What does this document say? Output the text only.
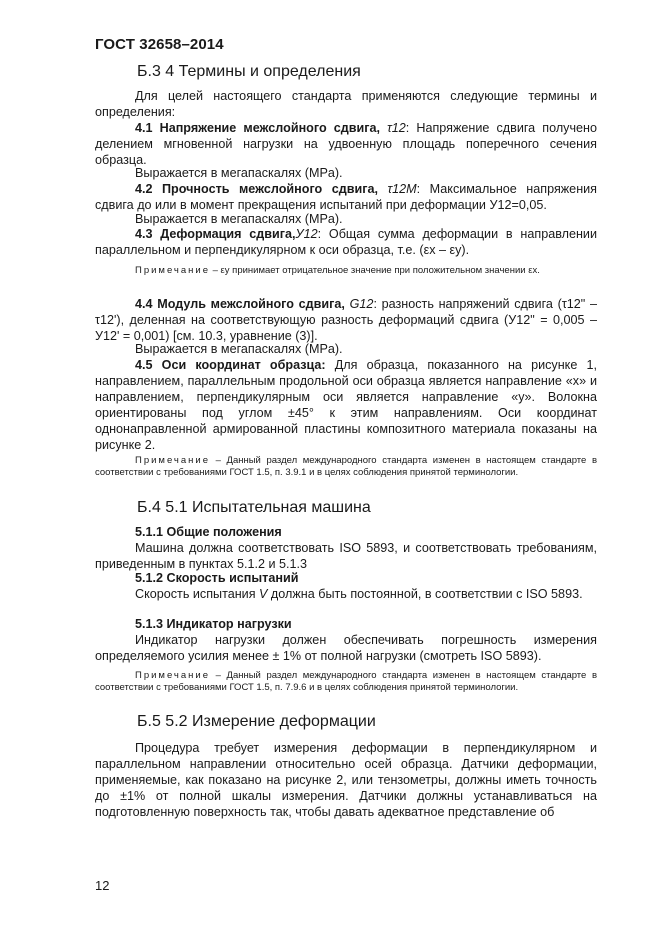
ГОСТ 32658–2014
Б.3 4 Термины и определения
Для целей настоящего стандарта применяются следующие термины и определения:
4.1 Напряжение межслойного сдвига, τ12: Напряжение сдвига получено делением мгновенной нагрузки на удвоенную площадь поперечного сечения образца.
Выражается в мегапаскалях (MPa).
4.2 Прочность межслойного сдвига, τ12M: Максимальное напряжения сдвига до или в момент прекращения испытаний при деформации У12=0,05.
Выражается в мегапаскалях (MPa).
4.3 Деформация сдвига,У12: Общая сумма деформации в направлении параллельном и перпендикулярном к оси образца, т.е. (εx – εy).
Примечание – εy принимает отрицательное значение при положительном значении εx.
4.4 Модуль межслойного сдвига, G12: разность напряжений сдвига (τ12" –τ12'), деленная на соответствующую разность деформаций сдвига (У12" = 0,005 – У12' = 0,001) [см. 10.3, уравнение (3)].
Выражается в мегапаскалях (MPa).
4.5 Оси координат образца: Для образца, показанного на рисунке 1, направлением, параллельным продольной оси образца является направление «x» и направлением, перпендикулярным оси является направление «y». Волокна ориентированы под углом ±45° к этим направлениям. Оси координат однонаправленной армированной пластины композитного материала показаны на рисунке 2.
Примечание – Данный раздел международного стандарта изменен в настоящем стандарте в соответствии с требованиями ГОСТ 1.5, п. 3.9.1 и в целях соблюдения принятой терминологии.
Б.4 5.1 Испытательная машина
5.1.1 Общие положения
Машина должна соответствовать ISO 5893, и соответствовать требованиям, приведенным в пунктах 5.1.2 и 5.1.3
5.1.2 Скорость испытаний
Скорость испытания V должна быть постоянной, в соответствии с ISO 5893.
5.1.3 Индикатор нагрузки
Индикатор нагрузки должен обеспечивать погрешность измерения определяемого усилия менее ± 1% от полной нагрузки (смотреть ISO 5893).
Примечание – Данный раздел международного стандарта изменен в настоящем стандарте в соответствии с требованиями ГОСТ 1.5, п. 7.9.6 и в целях соблюдения принятой терминологии.
Б.5 5.2 Измерение деформации
Процедура требует измерения деформации в перпендикулярном и параллельном направлении относительно осей образца. Датчики деформации, применяемые, как показано на рисунке 2, или тензометры, должны иметь точность до ±1% от полной шкалы измерения. Датчики должны устанавливаться на подготовленную поверхность так, чтобы давать адекватное представление об
12
